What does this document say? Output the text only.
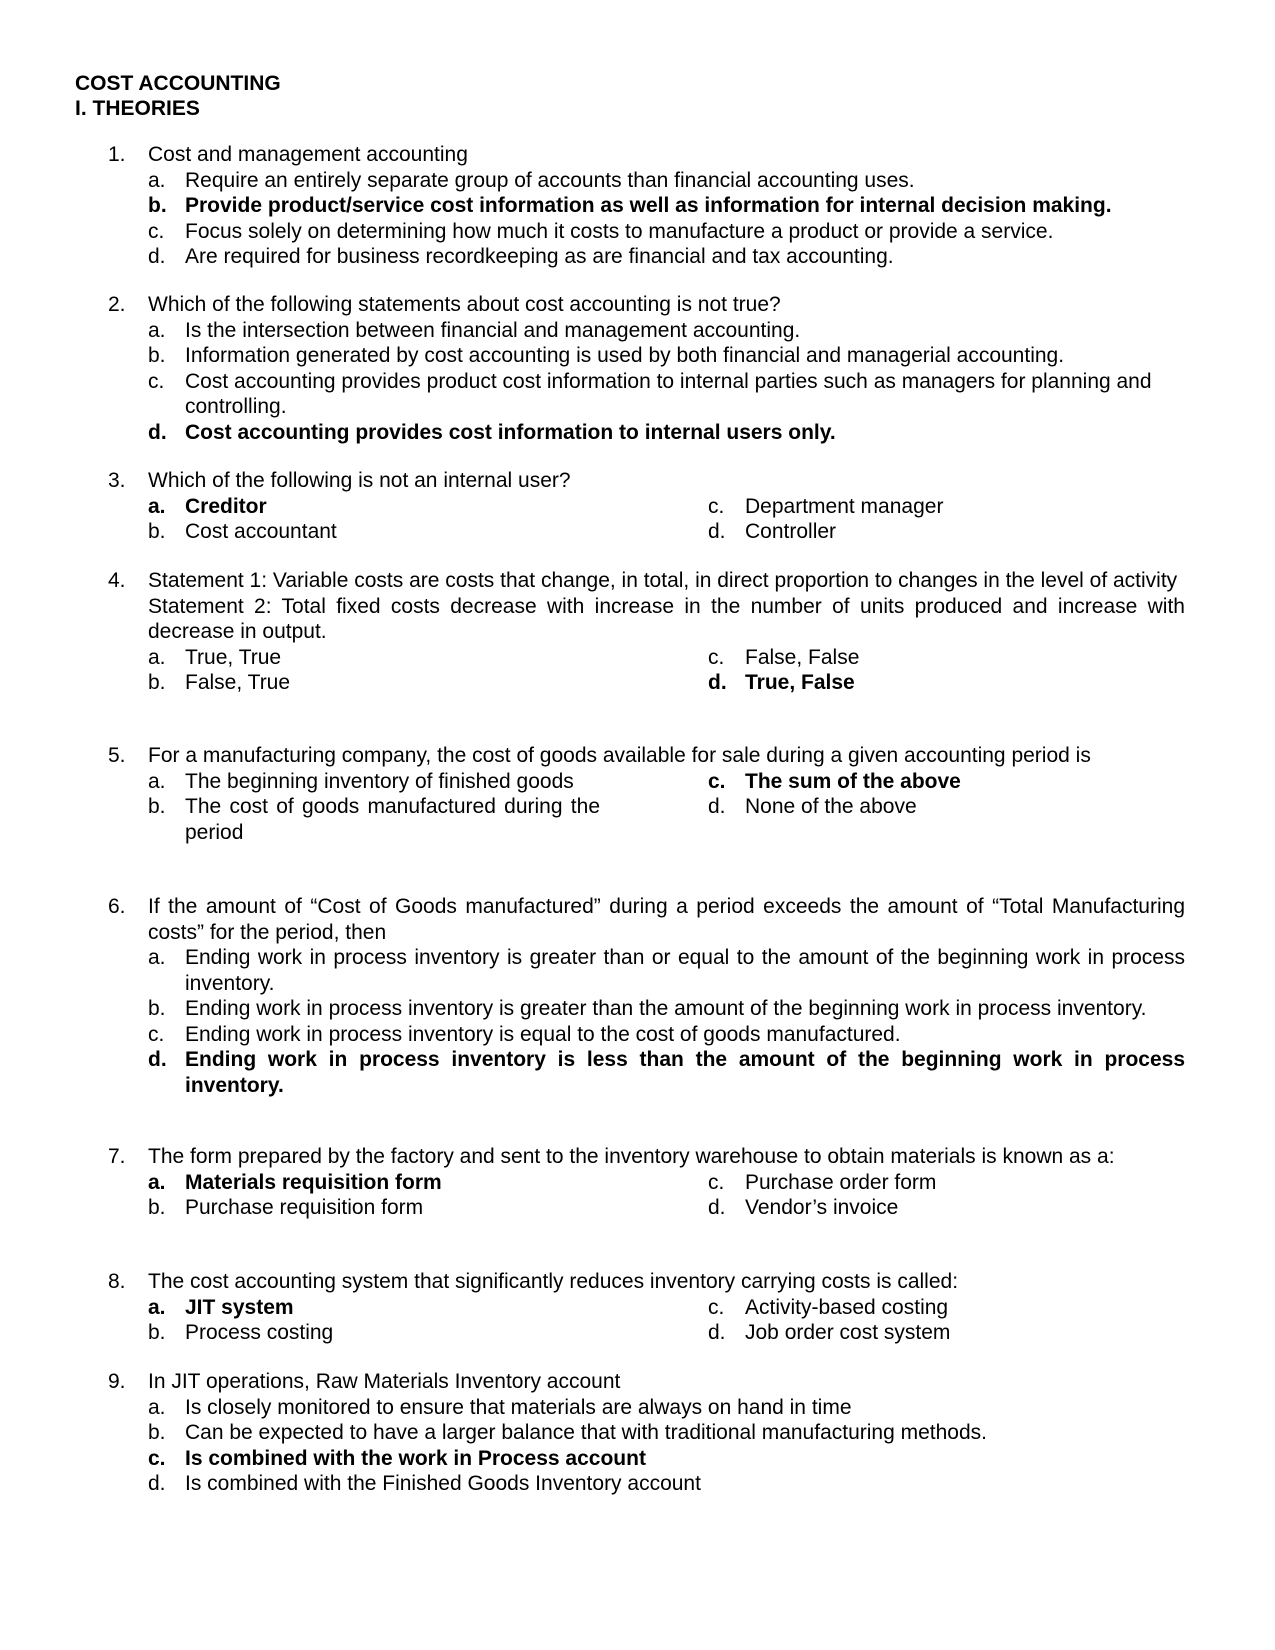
COST ACCOUNTING
I. THEORIES
1.	Cost and management accounting
a. Require an entirely separate group of accounts than financial accounting uses.
b. Provide product/service cost information as well as information for internal decision making.
c. Focus solely on determining how much it costs to manufacture a product or provide a service.
d. Are required for business recordkeeping as are financial and tax accounting.
2.	Which of the following statements about cost accounting is not true?
a. Is the intersection between financial and management accounting.
b. Information generated by cost accounting is used by both financial and managerial accounting.
c. Cost accounting provides product cost information to internal parties such as managers for planning and controlling.
d. Cost accounting provides cost information to internal users only.
3.	Which of the following is not an internal user?
a. Creditor
b. Cost accountant
c. Department manager
d. Controller
4.	Statement 1: Variable costs are costs that change, in total, in direct proportion to changes in the level of activity
Statement 2: Total fixed costs decrease with increase in the number of units produced and increase with decrease in output.
a. True, True
b. False, True
c. False, False
d. True, False
5.	For a manufacturing company, the cost of goods available for sale during a given accounting period is
a. The beginning inventory of finished goods
b. The cost of goods manufactured during the period
c. The sum of the above
d. None of the above
6.	If the amount of “Cost of Goods manufactured” during a period exceeds the amount of “Total Manufacturing costs” for the period, then
a. Ending work in process inventory is greater than or equal to the amount of the beginning work in process inventory.
b. Ending work in process inventory is greater than the amount of the beginning work in process inventory.
c. Ending work in process inventory is equal to the cost of goods manufactured.
d. Ending work in process inventory is less than the amount of the beginning work in process inventory.
7.	The form prepared by the factory and sent to the inventory warehouse to obtain materials is known as a:
a. Materials requisition form
b. Purchase requisition form
c. Purchase order form
d. Vendor’s invoice
8.	The cost accounting system that significantly reduces inventory carrying costs is called:
a. JIT system
b. Process costing
c. Activity-based costing
d. Job order cost system
9.	In JIT operations, Raw Materials Inventory account
a. Is closely monitored to ensure that materials are always on hand in time
b. Can be expected to have a larger balance that with traditional manufacturing methods.
c. Is combined with the work in Process account
d. Is combined with the Finished Goods Inventory account
